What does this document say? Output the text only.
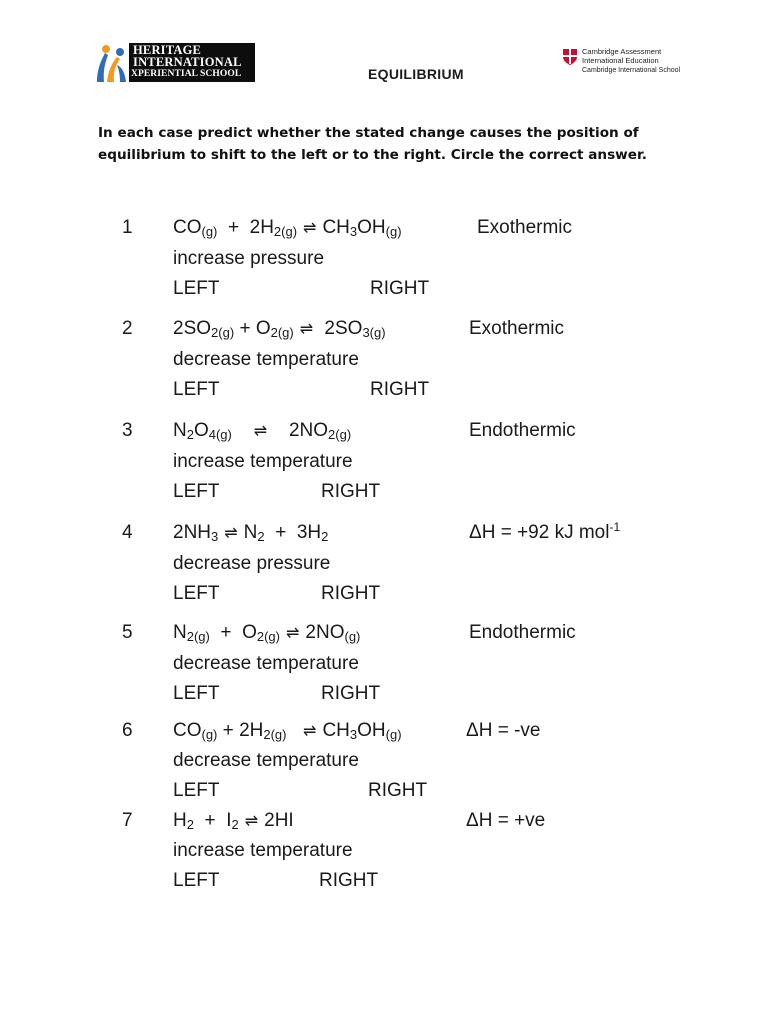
HERITAGE
INTERNATIONAL
XPERIENTIAL SCHOOL	EQUILIBRIUM
Cambridge Assessment
International Education
Cambridge International School
In each case predict whether the stated change causes the position of equilibrium to shift to the left or to the right. Circle the correct answer.
1 $CO_{(g)} + 2H_{2(g)}$ ⇌ $CH_3OH_{(g)}$	Exothermic
increase pressure
LEFT	RIGHT
2 $2SO_{2(g)} + O_{2(g)}$ ⇌ $2SO_{3(g)}$	Exothermic
decrease temperature
LEFT	RIGHT
3 $N_2O_{4(g)}$ ⇌ $2NO_{2(g)}$	Endothermic
increase temperature
LEFT	RIGHT
4 $2NH_3$ ⇌ $N_2 + 3H_2$	ΔH = +92 kJ mol$^{-1}$
decrease pressure
LEFT	RIGHT
5 $N_{2(g)} + O_{2(g)}$ ⇌ $2NO_{(g)}$	Endothermic
decrease temperature
LEFT	RIGHT
6 $CO_{(g)} + 2H_{2(g)}$ ⇌ $CH_3OH_{(g)}$	ΔH = -ve
decrease temperature
LEFT	RIGHT
7 $H_2 + I_2$ ⇌ 2HI	ΔH = +ve
increase temperature
LEFT	RIGHT
